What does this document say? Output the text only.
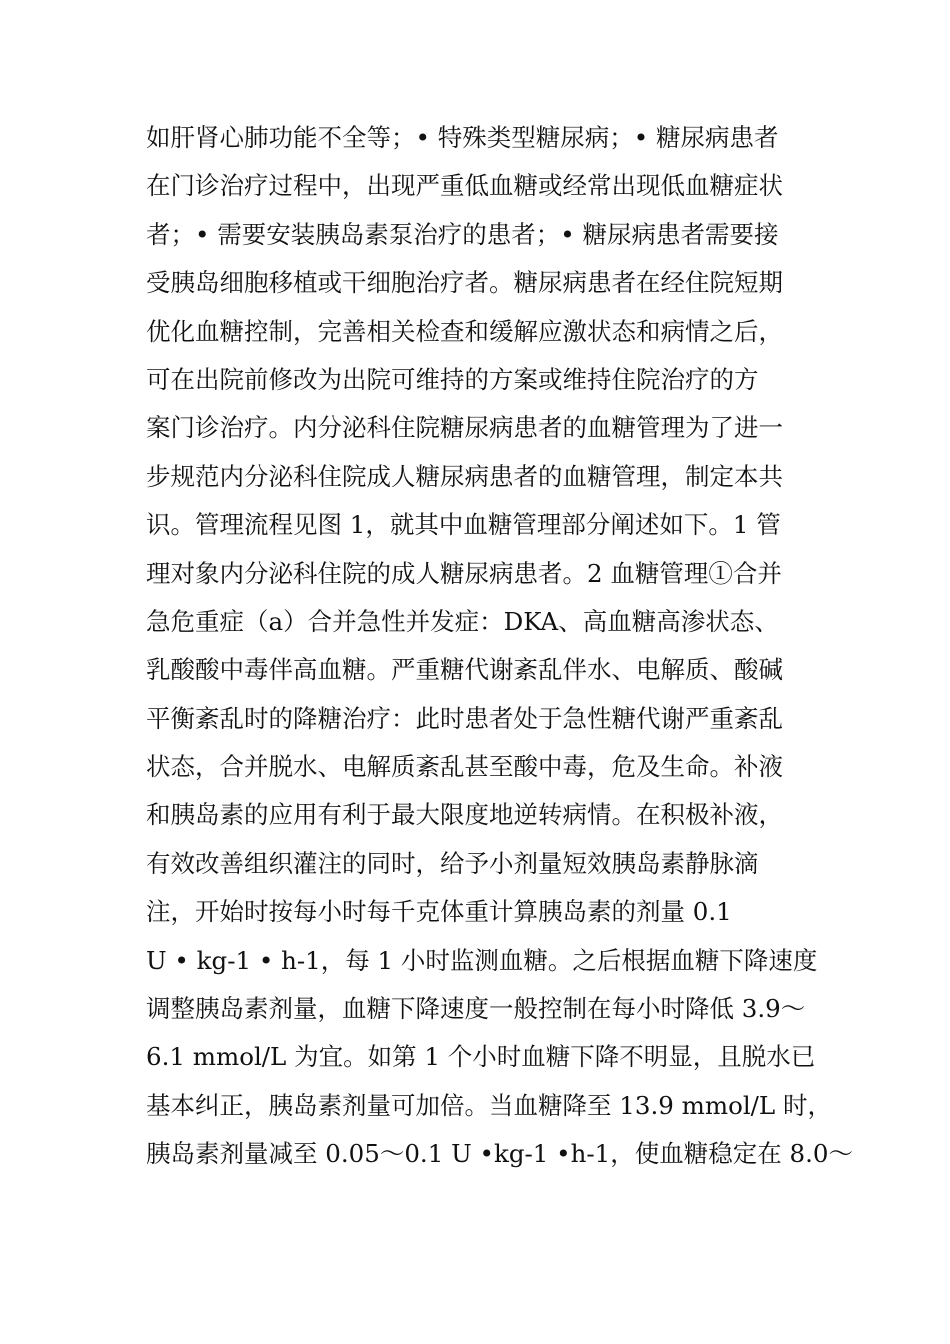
如肝肾心肺功能不全等；• 特殊类型糖尿病；• 糖尿病患者
在门诊治疗过程中，出现严重低血糖或经常出现低血糖症状
者；• 需要安装胰岛素泵治疗的患者；• 糖尿病患者需要接
受胰岛细胞移植或干细胞治疗者。糖尿病患者在经住院短期
优化血糖控制，完善相关检查和缓解应激状态和病情之后，
可在出院前修改为出院可维持的方案或维持住院治疗的方
案门诊治疗。内分泌科住院糖尿病患者的血糖管理为了进一
步规范内分泌科住院成人糖尿病患者的血糖管理，制定本共
识。管理流程见图 1，就其中血糖管理部分阐述如下。1 管
理对象内分泌科住院的成人糖尿病患者。2 血糖管理①合并
急危重症（a）合并急性并发症：DKA、高血糖高渗状态、
乳酸酸中毒伴高血糖。严重糖代谢紊乱伴水、电解质、酸碱
平衡紊乱时的降糖治疗：此时患者处于急性糖代谢严重紊乱
状态，合并脱水、电解质紊乱甚至酸中毒，危及生命。补液
和胰岛素的应用有利于最大限度地逆转病情。在积极补液，
有效改善组织灌注的同时，给予小剂量短效胰岛素静脉滴
注，开始时按每小时每千克体重计算胰岛素的剂量 0.1
U • kg-1 • h-1，每 1 小时监测血糖。之后根据血糖下降速度
调整胰岛素剂量，血糖下降速度一般控制在每小时降低 3.9～
6.1 mmol/L 为宜。如第 1 个小时血糖下降不明显，且脱水已
基本纠正，胰岛素剂量可加倍。当血糖降至 13.9 mmol/L 时，
胰岛素剂量减至 0.05～0.1 U •kg-1 •h-1，使血糖稳定在 8.0～
